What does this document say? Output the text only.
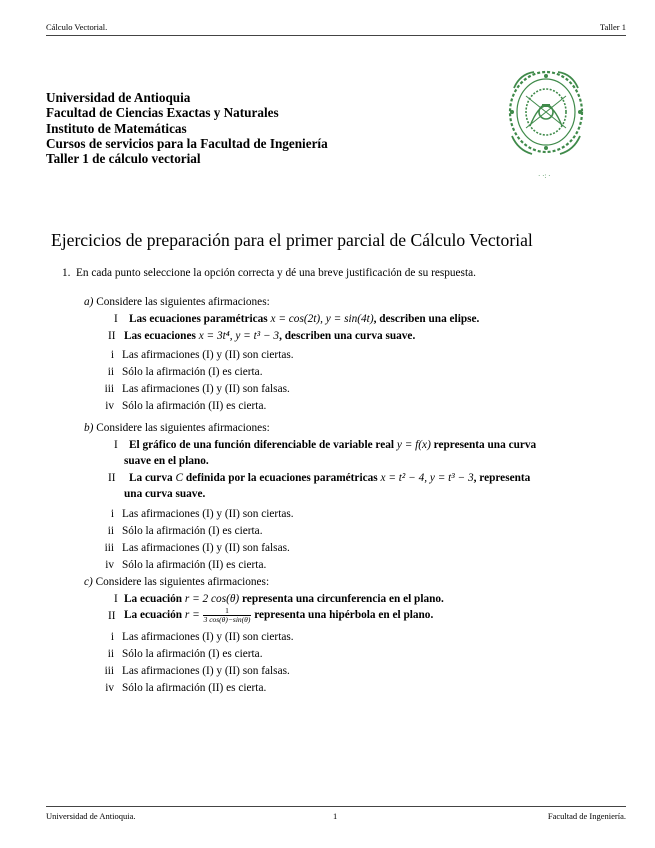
Cálculo Vectorial.	Taller 1
Universidad de Antioquia
Facultad de Ciencias Exactas y Naturales
Instituto de Matemáticas
Cursos de servicios para la Facultad de Ingeniería
Taller 1 de cálculo vectorial
· ·: ·
Ejercicios de preparación para el primer parcial de Cálculo Vectorial
1. En cada punto seleccione la opción correcta y dé una breve justificación de su respuesta.
a) Considere las siguientes afirmaciones:
I Las ecuaciones paramétricas x = cos(2t), y = sin(4t), describen una elipse.
II Las ecuaciones x = 3t⁴, y = t³ − 3, describen una curva suave.
i Las afirmaciones (I) y (II) son ciertas.
ii Sólo la afirmación (I) es cierta.
iii Las afirmaciones (I) y (II) son falsas.
iv Sólo la afirmación (II) es cierta.
b) Considere las siguientes afirmaciones:
I El gráfico de una función diferenciable de variable real y = f(x) representa una curva
suave en el plano.
II La curva C definida por la ecuaciones paramétricas x = t² − 4, y = t³ − 3, representa
una curva suave.
i Las afirmaciones (I) y (II) son ciertas.
ii Sólo la afirmación (I) es cierta.
iii Las afirmaciones (I) y (II) son falsas.
iv Sólo la afirmación (II) es cierta.
c) Considere las siguientes afirmaciones:
I La ecuación r = 2 cos(θ) representa una circunferencia en el plano.
II La ecuación $r = \frac{1}{3 \cos(\theta)-\sin(\theta)}$ representa una hipérbola en el plano.
i Las afirmaciones (I) y (II) son ciertas.
ii Sólo la afirmación (I) es cierta.
iii Las afirmaciones (I) y (II) son falsas.
iv Sólo la afirmación (II) es cierta.
Universidad de Antioquia.	1	Facultad de Ingeniería.
